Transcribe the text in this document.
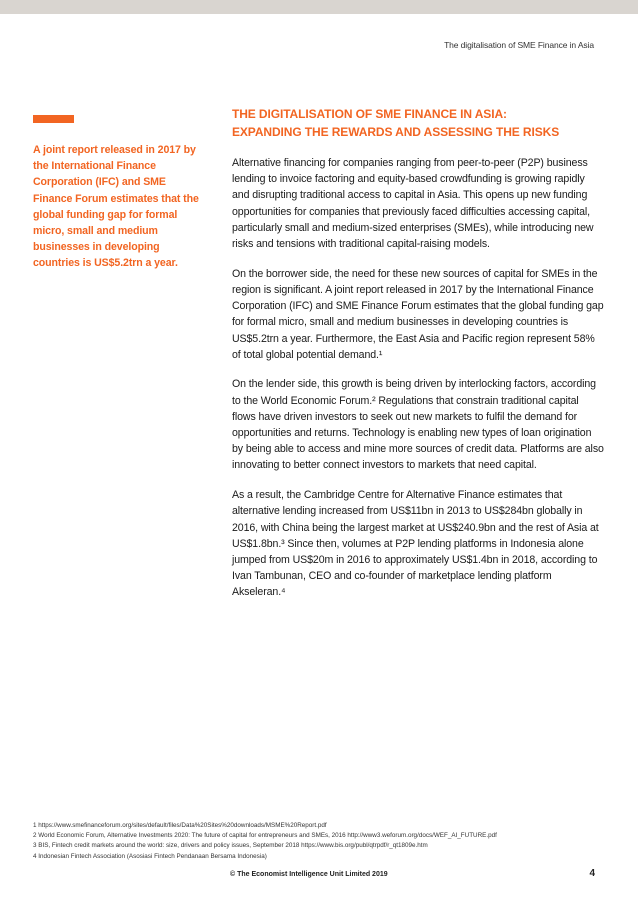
The digitalisation of SME Finance in Asia
A joint report released in 2017 by the International Finance Corporation (IFC) and SME Finance Forum estimates that the global funding gap for formal micro, small and medium businesses in developing countries is US$5.2trn a year.
THE DIGITALISATION OF SME FINANCE IN ASIA:
EXPANDING THE REWARDS AND ASSESSING THE RISKS

Alternative financing for companies ranging from peer-to-peer (P2P) business lending to invoice factoring and equity-based crowdfunding is growing rapidly and disrupting traditional access to capital in Asia. This opens up new funding opportunities for companies that previously faced difficulties accessing capital, particularly small and medium-sized enterprises (SMEs), while introducing new risks and tensions with traditional capital-raising models.

On the borrower side, the need for these new sources of capital for SMEs in the region is significant. A joint report released in 2017 by the International Finance Corporation (IFC) and SME Finance Forum estimates that the global funding gap for formal micro, small and medium businesses in developing countries is US$5.2trn a year. Furthermore, the East Asia and Pacific region represent 58% of total global potential demand.¹

On the lender side, this growth is being driven by interlocking factors, according to the World Economic Forum.² Regulations that constrain traditional capital flows have driven investors to seek out new markets to fulfil the demand for opportunities and returns. Technology is enabling new types of loan origination by being able to access and mine more sources of credit data. Platforms are also innovating to better connect investors to markets that need capital.

As a result, the Cambridge Centre for Alternative Finance estimates that alternative lending increased from US$11bn in 2013 to US$284bn globally in 2016, with China being the largest market at US$240.9bn and the rest of Asia at US$1.8bn.³ Since then, volumes at P2P lending platforms in Indonesia alone jumped from US$20m in 2016 to approximately US$1.4bn in 2018, according to Ivan Tambunan, CEO and co-founder of marketplace lending platform Akseleran.⁴

1 https://www.smefinanceforum.org/sites/default/files/Data%20Sites%20downloads/MSME%20Report.pdf
2 World Economic Forum, Alternative Investments 2020: The future of capital for entrepreneurs and SMEs, 2016 http://www3.weforum.org/docs/WEF_AI_FUTURE.pdf
3 BIS, Fintech credit markets around the world: size, drivers and policy issues, September 2018 https://www.bis.org/publ/qtrpdf/r_qt1809e.htm
4 Indonesian Fintech Association (Asosiasi Fintech Pendanaan Bersama Indonesia)
© The Economist Intelligence Unit Limited 2019	4
